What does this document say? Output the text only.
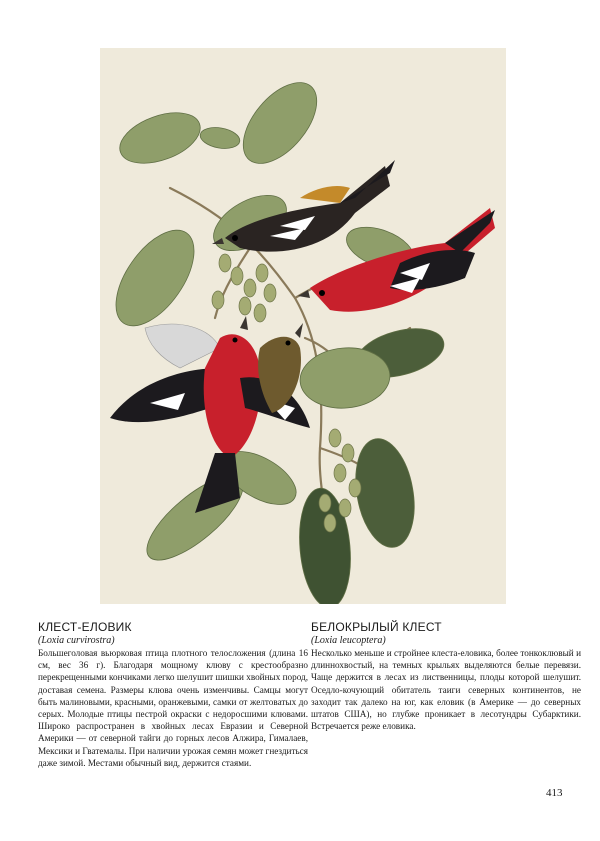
КЛЕСТ-ЕЛОВИК

(Loxia curvirostra)

Большеголовая вьюрковая птица плотного телосложения (длина 16 см, вес 36 г). Благодаря мощному клюву с крестообразно перекрещенными кончиками легко шелушит шишки хвойных пород, доставая семена. Размеры клюва очень изменчивы. Самцы могут быть малиновыми, красными, оранжевыми, самки от желтоватых до серых. Молодые птицы пестрой окраски с недоросшими клювами. Широко распространен в хвойных лесах Евразии и Северной Америки — от северной тайги до горных лесов Алжира, Гималаев, Мексики и Гватемалы. При наличии урожая семян может гнездиться даже зимой. Местами обычный вид, держится стаями.

БЕЛОКРЫЛЫЙ КЛЕСТ

(Loxia leucoptera)

Несколько меньше и стройнее клеста-еловика, более тонкоклювый и длиннохвостый, на темных крыльях выделяются белые перевязи. Чаще держится в лесах из лиственницы, плоды которой шелушит. Оседло-кочующий обитатель таиги северных континентов, не заходит так далеко на юг, как еловик (в Америке — до северных штатов США), но глубже проникает в лесотундры Субарктики. Встречается реже еловика.

413
